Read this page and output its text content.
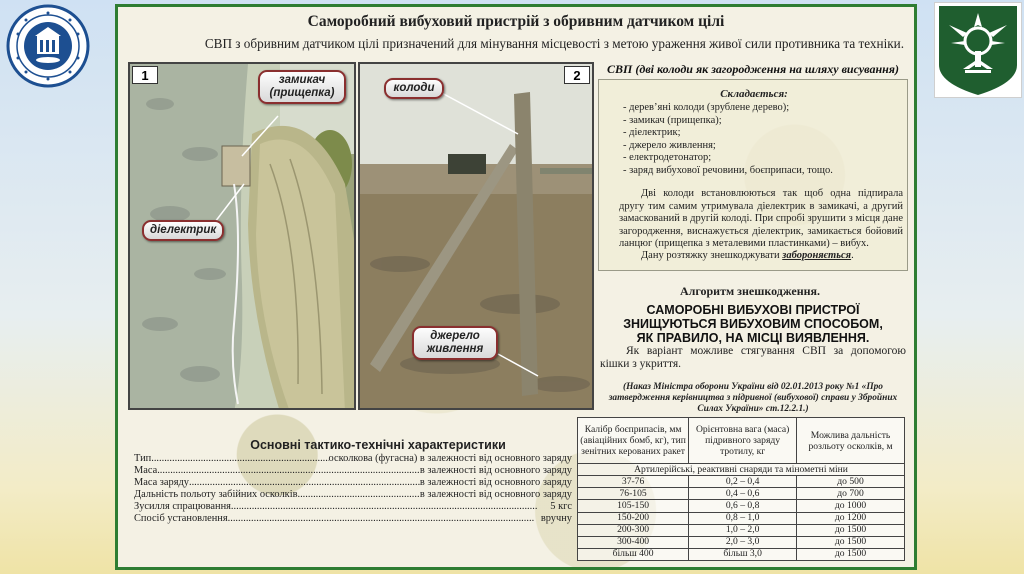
Саморобний вибуховий пристрій з обривним датчиком цілі
СВП з обривним датчиком цілі призначений для мінування місцевості з метою ураження живої сили противника та техніки.
1	замикач (прищепка)
діелектрик
2
колоди
джерело живлення
СВП (дві колоди як загородження на шляху висування)
Складається:
- дерев’яні колоди (зрублене дерево);
- замикач (прищепка);
- діелектрик;
- джерело живлення;
- електродетонатор;
- заряд вибухової речовини, боєприпаси, тощо.
Дві колоди встановлюються так щоб одна підпирала другу тим самим утримувала діелектрик в замикачі, а другий замаскований в другій колоді. При спробі зрушити з місця дане загородження, виснажується діелектрик, замикається бойовий ланцюг (прищепка з металевими пластинками) – вибух.
Дану розтяжку знешкоджувати забороняється.
Алгоритм знешкодження.
САМОРОБНІ ВИБУХОВІ ПРИСТРОЇ
ЗНИЩУЮТЬСЯ ВИБУХОВИМ СПОСОБОМ,
ЯК ПРАВИЛО, НА МІСЦІ ВИЯВЛЕННЯ.
Як варіант можливе стягування СВП за допомогою кішки з укриття.
(Наказ Міністра оборони України від 02.01.2013 року №1 «Про затвердження керівництва з підривної (вибухової) справи у Збройних Силах України» ст.12.2.1.)
Основні тактико-технічні характеристики
Тип .....	осколкова (фугасна) в залежності від основного заряду
Маса .....	в залежності від основного заряду
Маса заряду .....	в залежності від основного заряду
Дальність польоту забійних осколків .....	в залежності від основного заряду
Зусилля спрацювання .....	5 кгс
Спосіб установлення .....	вручну
Калібр боєприпасів, мм (авіаційних бомб, кг), тип зенітних керованих ракет	Орієнтовна вага (маса) підривного заряду тротилу, кг	Можлива дальність розльоту осколків, м
Артилерійські, реактивні снаряди та мінометні міни		
37-76	0,2 – 0,4	до 500
76-105	0,4 – 0,6	до 700
105-150	0,6 – 0,8	до 1000
150-200	0,8 – 1,0	до 1200
200-300	1,0 – 2,0	до 1500
300-400	2,0 – 3,0	до 1500
більш 400	більш 3,0	до 1500
